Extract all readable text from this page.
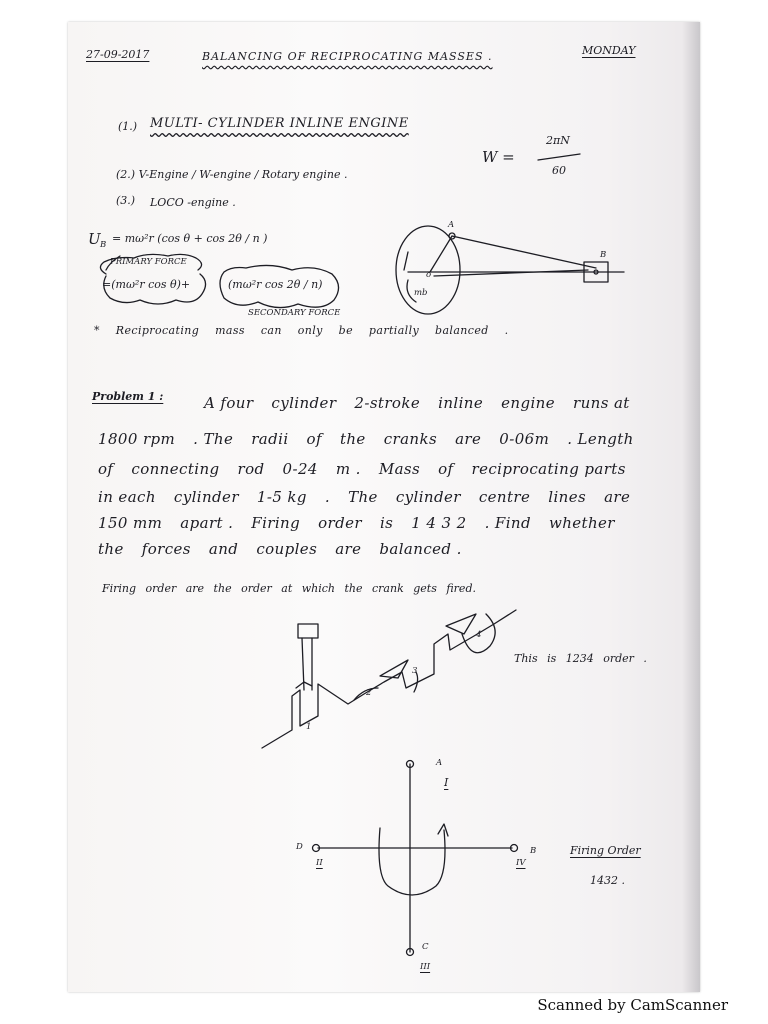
27-09-2017	BALANCING OF RECIPROCATING MASSES .	MONDAY
(1.) MULTI- CYLINDER INLINE ENGINE
(2.) V-Engine / W-engine / Rotary engine .
(3.) LOCO -engine .
W =
2πN
60
U B = mω²r (cos θ + cos 2θ / n )
PRIMARY FORCE
=(mω²r cos θ)+	(mω²r cos 2θ / n)
SECONDARY FORCE
A
o
mb
B
* Reciprocating mass can only be partially balanced .
Problem 1 :	A four cylinder 2-stroke inline engine runs at
1800 rpm . The radii of the cranks are 0-06m . Length
of connecting rod 0-24 m . Mass of reciprocating parts
in each cylinder 1-5 kg . The cylinder centre lines are
150 mm apart . Firing order is 1 4 3 2 . Find whether
the forces and couples are balanced .
Firing order are the order at which the crank gets fired.
1
2
3
4
This is 1234 order .
A
I
B
IV
C
III
D
II
Firing Order
1432 .
Scanned by CamScanner
